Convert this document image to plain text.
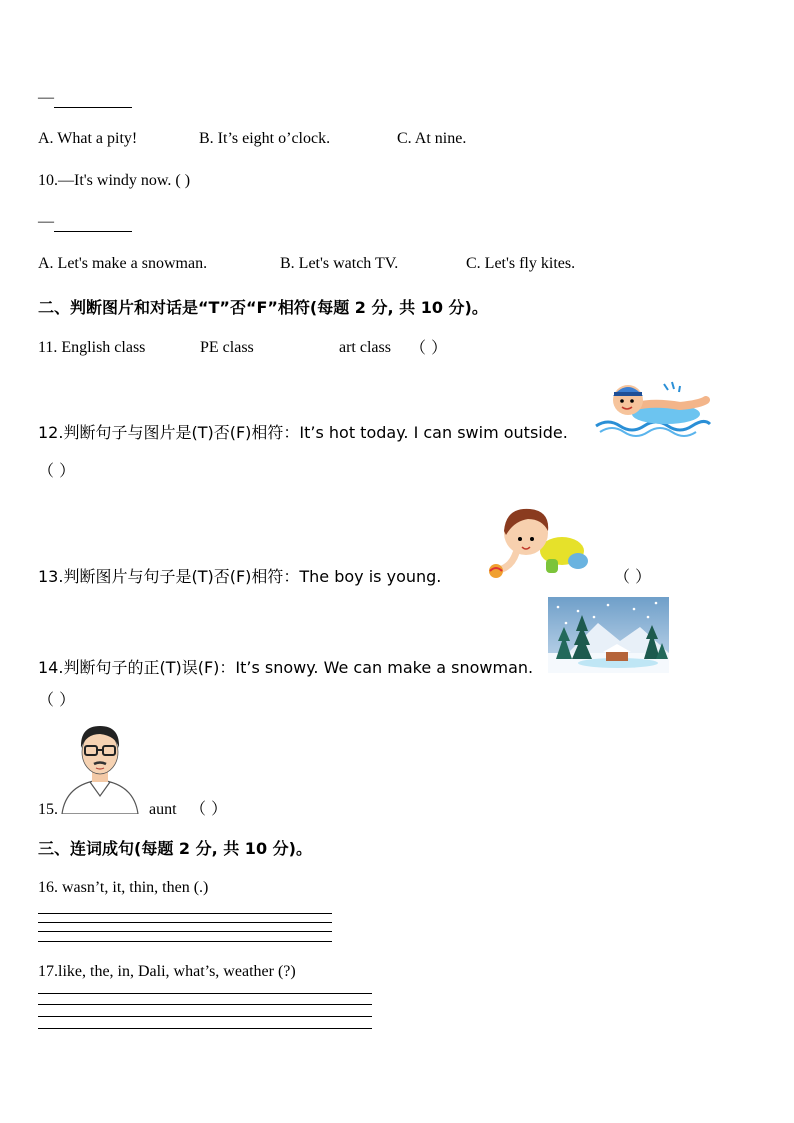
—
A. What a pity!	B. It’s eight o’clock.	C. At nine.
10.—It's windy now. ( )
—
A. Let's make a snowman.	B. Let's watch TV.	C. Let's fly kites.
二、判断图片和对话是“T”否“F”相符(每题 2 分, 共 10 分)。
11. English class	PE class	art class （ ）
12.判断句子与图片是(T)否(F)相符：It’s hot today. I can swim outside.
（ ）
13.判断图片与句子是(T)否(F)相符：The boy is young.	（ ）
14.判断句子的正(T)误(F)：It’s snowy. We can make a snowman.
（ ）
15.	aunt （ ）
三、连词成句(每题 2 分, 共 10 分)。
16. wasn’t, it, thin, then (.)
17.like, the, in, Dali, what’s, weather (?)
